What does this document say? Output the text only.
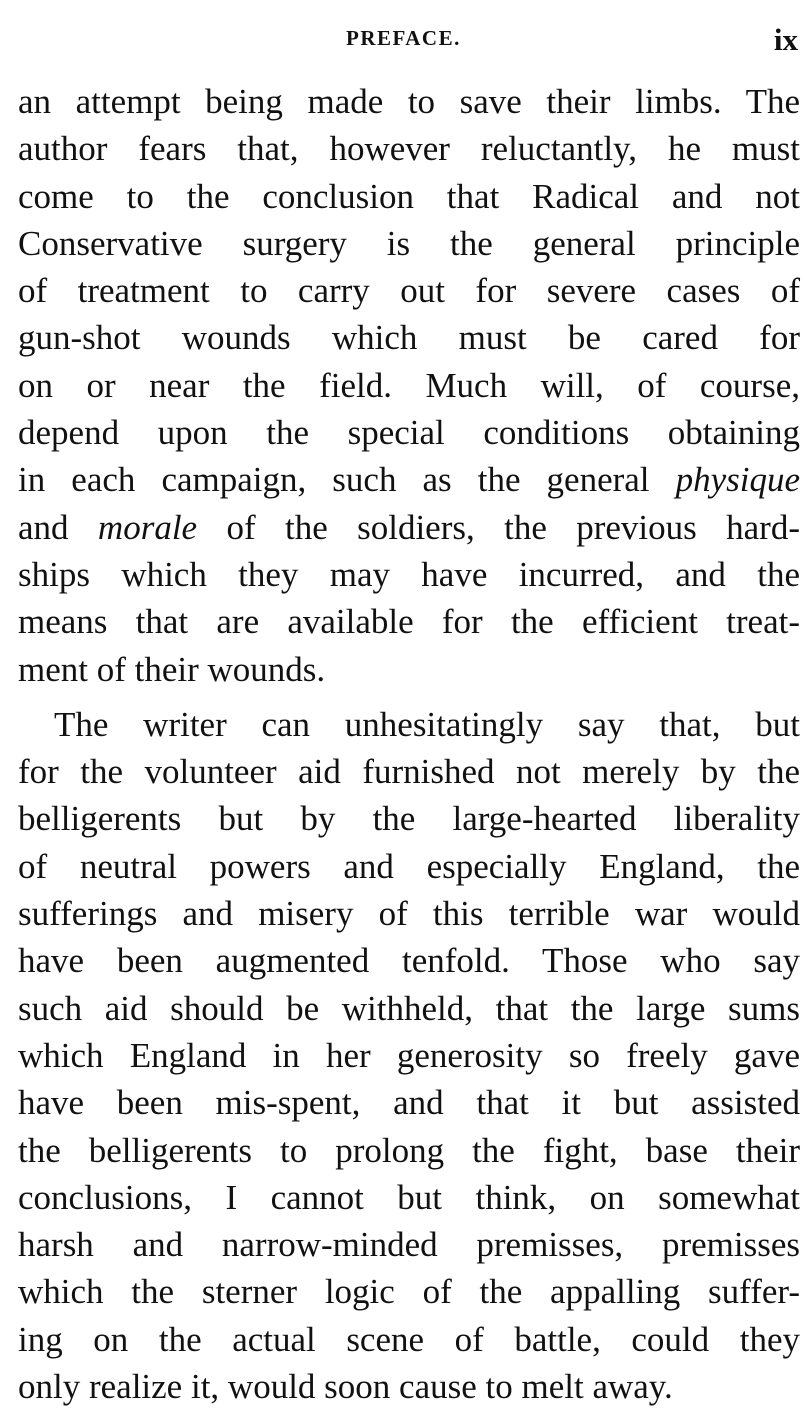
PREFACE.	ix
an attempt being made to save their limbs. The
author fears that, however reluctantly, he must
come to the conclusion that Radical and not
Conservative surgery is the general principle
of treatment to carry out for severe cases of
gun-shot wounds which must be cared for
on or near the field. Much will, of course,
depend upon the special conditions obtaining
in each campaign, such as the general physique
and morale of the soldiers, the previous hard-
ships which they may have incurred, and the
means that are available for the efficient treat-
ment of their wounds.
The writer can unhesitatingly say that, but
for the volunteer aid furnished not merely by the
belligerents but by the large-hearted liberality
of neutral powers and especially England, the
sufferings and misery of this terrible war would
have been augmented tenfold. Those who say
such aid should be withheld, that the large sums
which England in her generosity so freely gave
have been mis-spent, and that it but assisted
the belligerents to prolong the fight, base their
conclusions, I cannot but think, on somewhat
harsh and narrow-minded premisses, premisses
which the sterner logic of the appalling suffer-
ing on the actual scene of battle, could they
only realize it, would soon cause to melt away.
